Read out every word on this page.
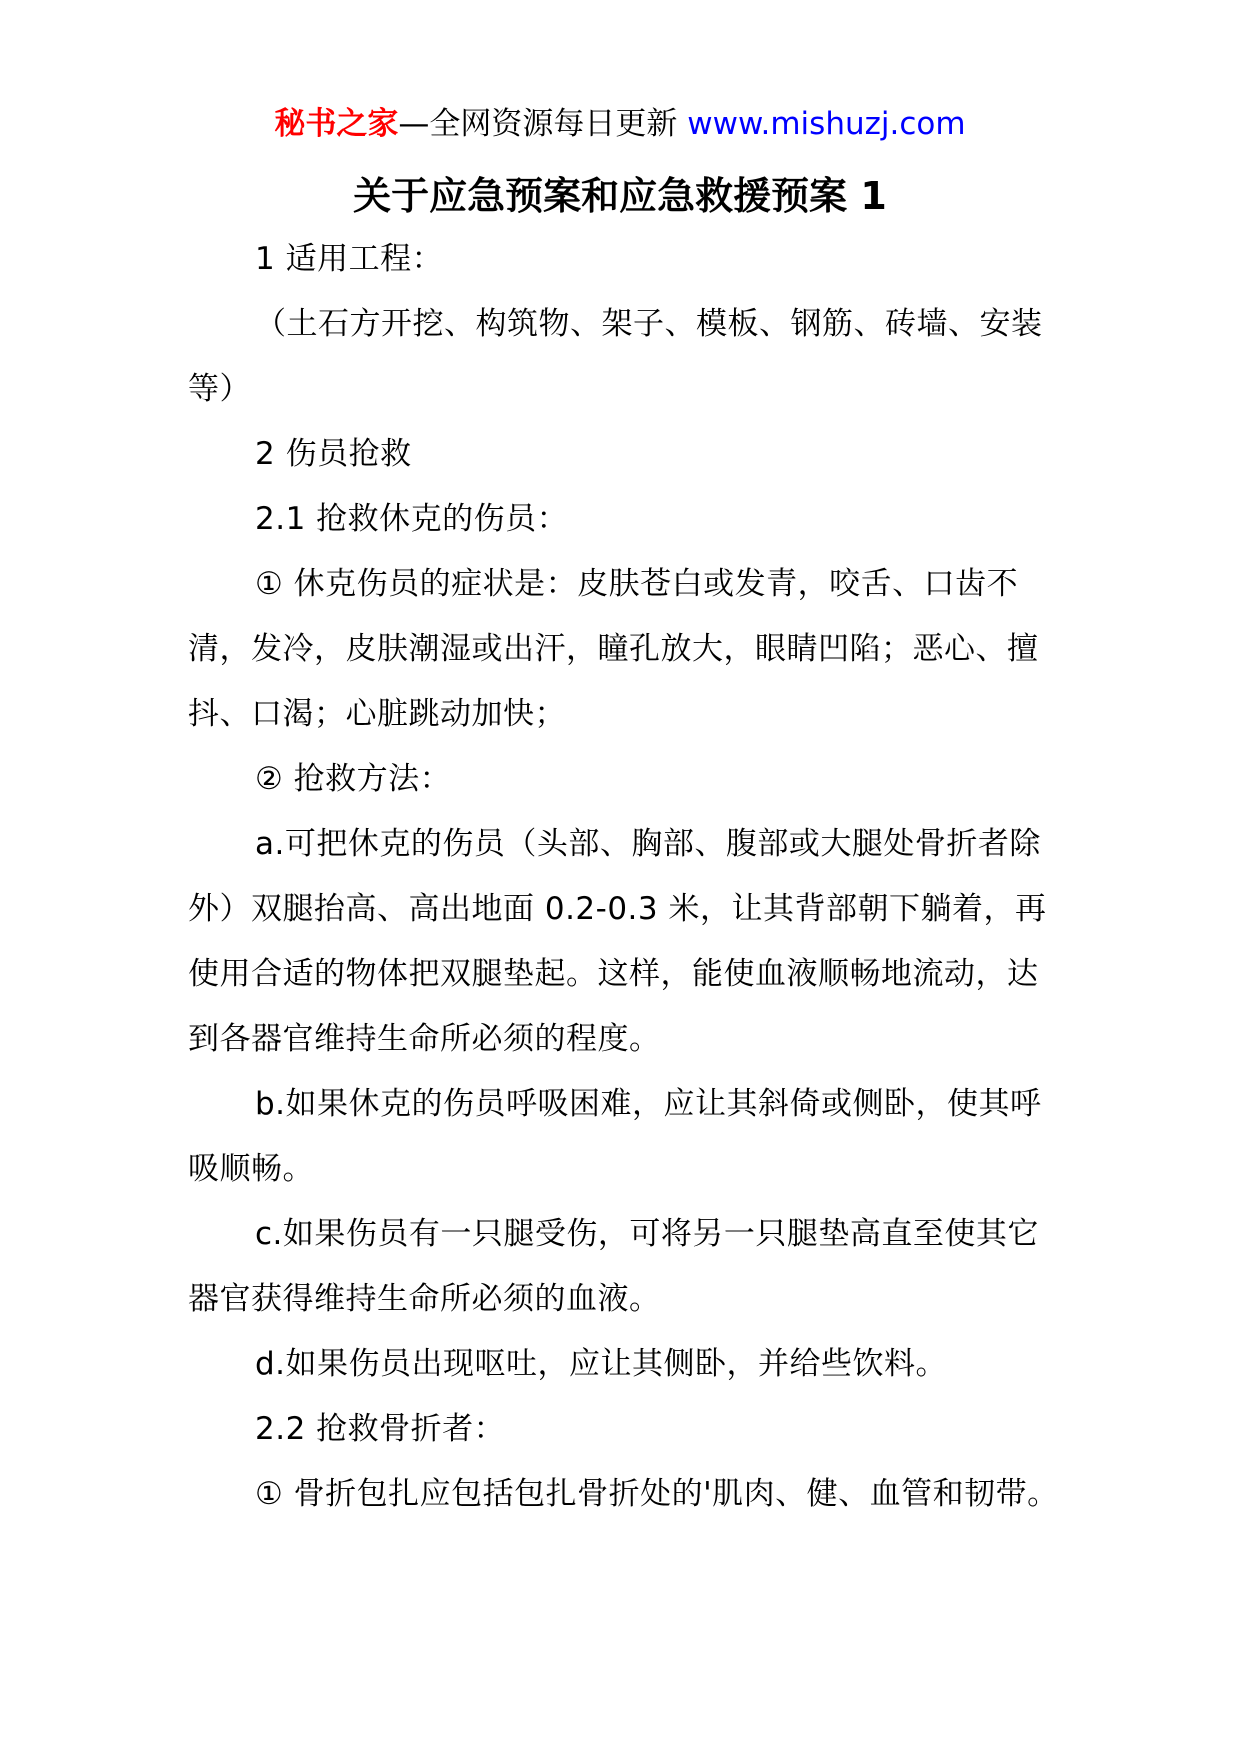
秘书之家—全网资源每日更新 www.mishuzj.com
关于应急预案和应急救援预案 1

1 适用工程：

（土石方开挖、构筑物、架子、模板、钢筋、砖墙、安装等）

2 伤员抢救

2.1 抢救休克的伤员：

① 休克伤员的症状是：皮肤苍白或发青，咬舌、口齿不清，发冷，皮肤潮湿或出汗，瞳孔放大，眼睛凹陷；恶心、擅抖、口渴；心脏跳动加快；

② 抢救方法：

a.可把休克的伤员（头部、胸部、腹部或大腿处骨折者除外）双腿抬高、高出地面 0.2-0.3 米，让其背部朝下躺着，再使用合适的物体把双腿垫起。这样，能使血液顺畅地流动，达到各器官维持生命所必须的程度。

b.如果休克的伤员呼吸困难，应让其斜倚或侧卧，使其呼吸顺畅。

c.如果伤员有一只腿受伤，可将另一只腿垫高直至使其它器官获得维持生命所必须的血液。

d.如果伤员出现呕吐，应让其侧卧，并给些饮料。

2.2 抢救骨折者：

① 骨折包扎应包括包扎骨折处的'肌肉、健、血管和韧带。
